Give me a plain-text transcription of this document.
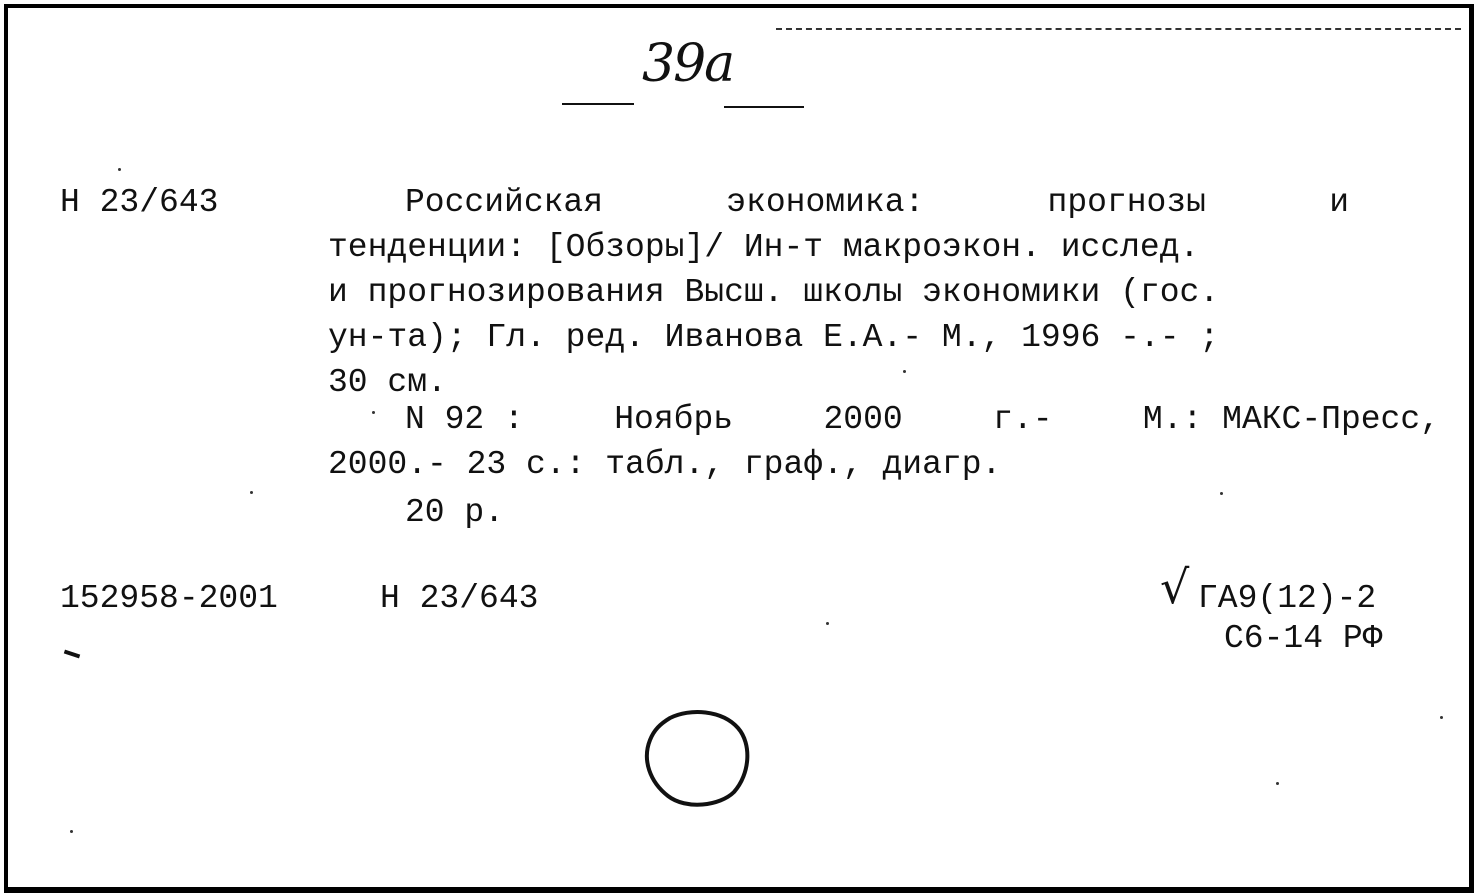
39а
Н 23/643	Российская	экономика:	прогнозы	и
тенденции: [Обзоры]/ Ин-т макроэкон. исслед.
и прогнозирования Высш. школы экономики (гос.
ун-та); Гл. ред. Иванова Е.А.- М., 1996 -.- ;
30 см.
N 92 :	Ноябрь	2000	г.-	М.: МАКС-Пресс,
2000.- 23 с.: табл., граф., диагр.
20 р.
152958-2001	Н 23/643	√ ГА9(12)-2
С6-14 РФ
